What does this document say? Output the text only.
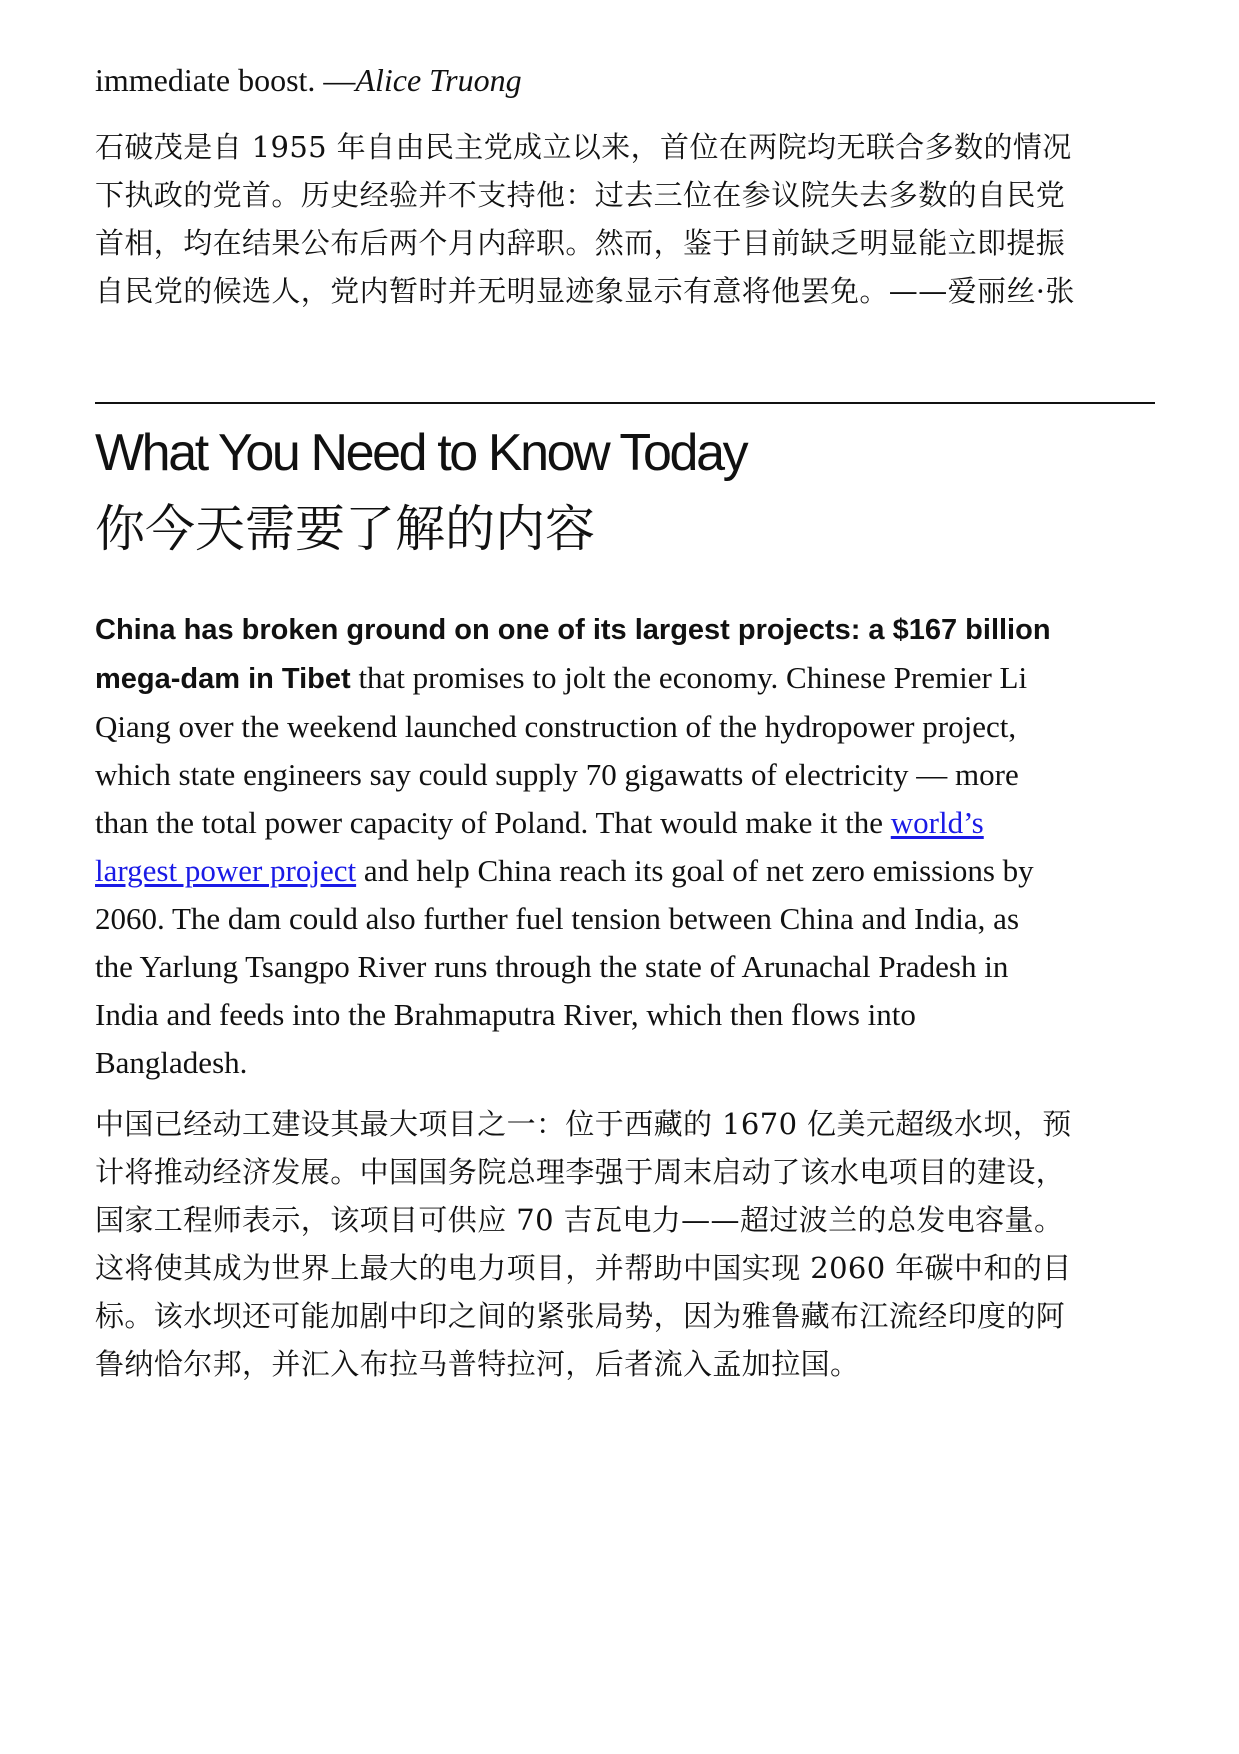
immediate boost. —Alice Truong
石破茂是自 1955 年自由民主党成立以来，首位在两院均无联合多数的情况
下执政的党首。历史经验并不支持他：过去三位在参议院失去多数的自民党
首相，均在结果公布后两个月内辞职。然而，鉴于目前缺乏明显能立即提振
自民党的候选人，党内暂时并无明显迹象显示有意将他罢免。——爱丽丝·张
What You Need to Know Today
你今天需要了解的内容
China has broken ground on one of its largest projects: a $167 billion
mega-dam in Tibet that promises to jolt the economy. Chinese Premier Li
Qiang over the weekend launched construction of the hydropower project,
which state engineers say could supply 70 gigawatts of electricity — more
than the total power capacity of Poland. That would make it the world’s
largest power project and help China reach its goal of net zero emissions by
2060. The dam could also further fuel tension between China and India, as
the Yarlung Tsangpo River runs through the state of Arunachal Pradesh in
India and feeds into the Brahmaputra River, which then flows into
Bangladesh.
中国已经动工建设其最大项目之一：位于西藏的 1670 亿美元超级水坝，预
计将推动经济发展。中国国务院总理李强于周末启动了该水电项目的建设，
国家工程师表示，该项目可供应 70 吉瓦电力——超过波兰的总发电容量。
这将使其成为世界上最大的电力项目，并帮助中国实现 2060 年碳中和的目
标。该水坝还可能加剧中印之间的紧张局势，因为雅鲁藏布江流经印度的阿
鲁纳恰尔邦，并汇入布拉马普特拉河，后者流入孟加拉国。
